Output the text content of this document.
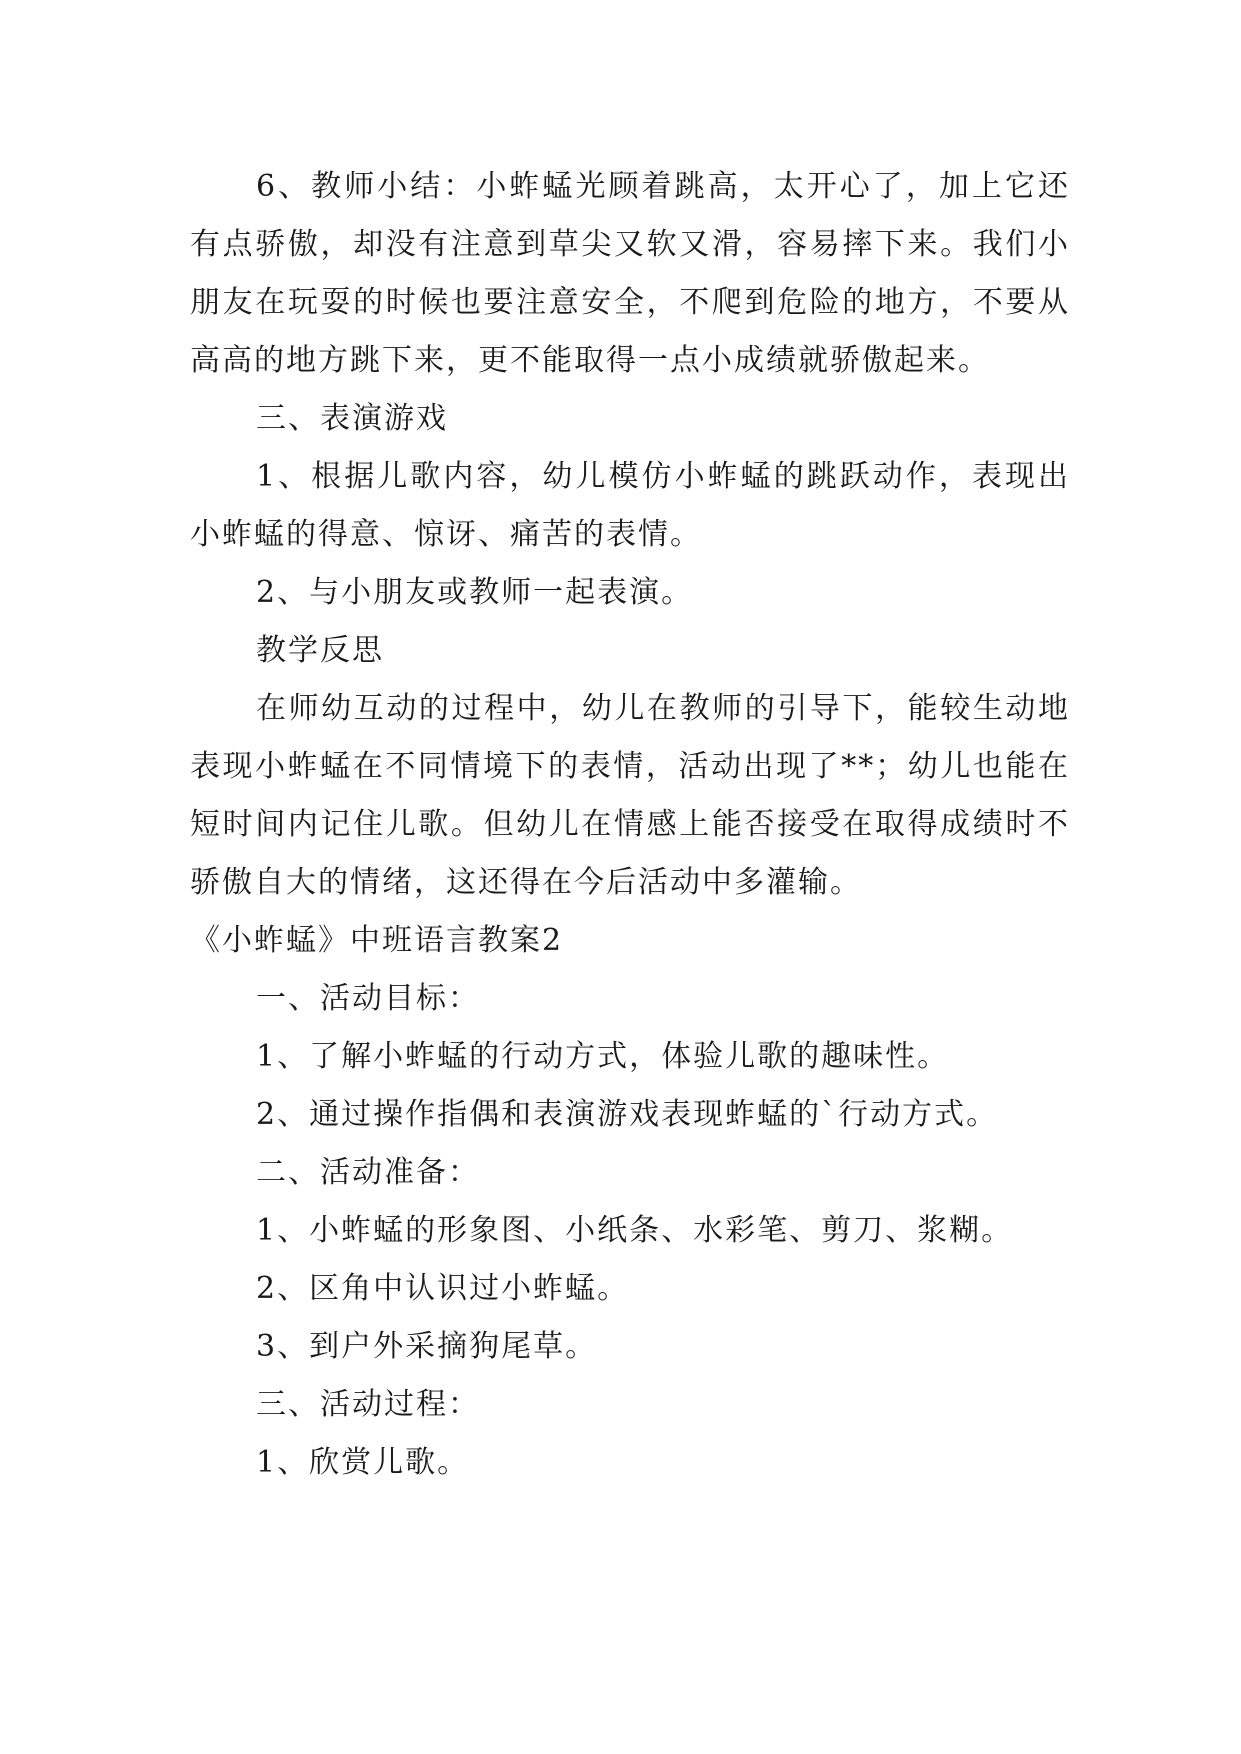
6、教师小结：小蚱蜢光顾着跳高，太开心了，加上它还有点骄傲，却没有注意到草尖又软又滑，容易摔下来。我们小朋友在玩耍的时候也要注意安全，不爬到危险的地方，不要从高高的地方跳下来，更不能取得一点小成绩就骄傲起来。

三、表演游戏

1、根据儿歌内容，幼儿模仿小蚱蜢的跳跃动作，表现出小蚱蜢的得意、惊讶、痛苦的表情。

2、与小朋友或教师一起表演。

教学反思

在师幼互动的过程中，幼儿在教师的引导下，能较生动地表现小蚱蜢在不同情境下的表情，活动出现了**；幼儿也能在短时间内记住儿歌。但幼儿在情感上能否接受在取得成绩时不骄傲自大的情绪，这还得在今后活动中多灌输。

《小蚱蜢》中班语言教案2

一、活动目标：

1、了解小蚱蜢的行动方式，体验儿歌的趣味性。

2、通过操作指偶和表演游戏表现蚱蜢的`行动方式。

二、活动准备：

1、小蚱蜢的形象图、小纸条、水彩笔、剪刀、浆糊。

2、区角中认识过小蚱蜢。

3、到户外采摘狗尾草。

三、活动过程：

1、欣赏儿歌。
